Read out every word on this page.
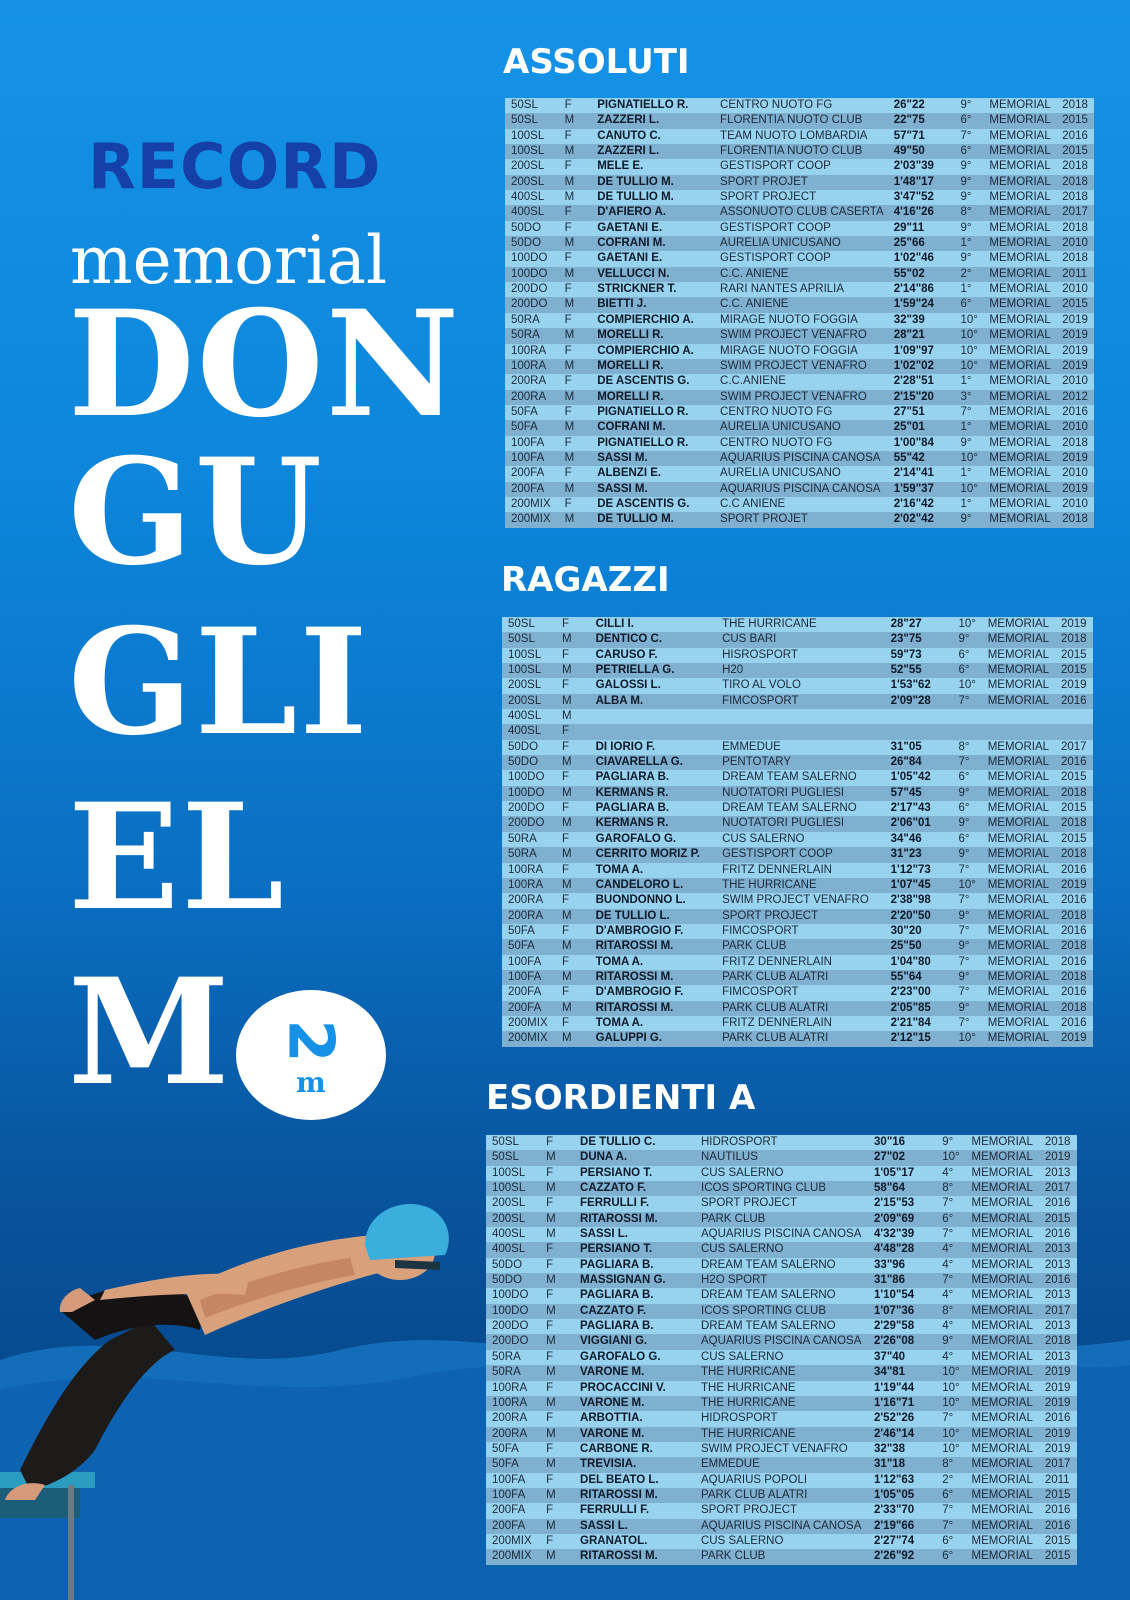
RECORD
memorial
DON
GU
GLI
EL
M 2
m
ASSOLUTI
RAGAZZI
ESORDIENTI A
50SL	F	PIGNATIELLO R.	CENTRO NUOTO FG	26"22	9°	MEMORIAL	2018
50SL	M	ZAZZERI L.	FLORENTIA NUOTO CLUB	22"75	6°	MEMORIAL	2015
100SL	F	CANUTO C.	TEAM NUOTO LOMBARDIA	57"71	7°	MEMORIAL	2016
100SL	M	ZAZZERI L.	FLORENTIA NUOTO CLUB	49"50	6°	MEMORIAL	2015
200SL	F	MELE E.	GESTISPORT COOP	2'03"39	9°	MEMORIAL	2018
200SL	M	DE TULLIO M.	SPORT PROJET	1'48"17	9°	MEMORIAL	2018
400SL	M	DE TULLIO M.	SPORT PROJECT	3'47"52	9°	MEMORIAL	2018
400SL	F	D'AFIERO A.	ASSONUOTO CLUB CASERTA	4'16"26	8°	MEMORIAL	2017
50DO	F	GAETANI E.	GESTISPORT COOP	29"11	9°	MEMORIAL	2018
50DO	M	COFRANI M.	AURELIA UNICUSANO	25"66	1°	MEMORIAL	2010
100DO	F	GAETANI E.	GESTISPORT COOP	1'02"46	9°	MEMORIAL	2018
100DO	M	VELLUCCI N.	C.C. ANIENE	55"02	2°	MEMORIAL	2011
200DO	F	STRICKNER T.	RARI NANTES APRILIA	2'14"86	1°	MEMORIAL	2010
200DO	M	BIETTI J.	C.C. ANIENE	1'59"24	6°	MEMORIAL	2015
50RA	F	COMPIERCHIO A.	MIRAGE NUOTO FOGGIA	32"39	10°	MEMORIAL	2019
50RA	M	MORELLI R.	SWIM PROJECT VENAFRO	28"21	10°	MEMORIAL	2019
100RA	F	COMPIERCHIO A.	MIRAGE NUOTO FOGGIA	1'09"97	10°	MEMORIAL	2019
100RA	M	MORELLI R.	SWIM PROJECT VENAFRO	1'02"02	10°	MEMORIAL	2019
200RA	F	DE ASCENTIS G.	C.C.ANIENE	2'28"51	1°	MEMORIAL	2010
200RA	M	MORELLI R.	SWIM PROJECT VENAFRO	2'15"20	3°	MEMORIAL	2012
50FA	F	PIGNATIELLO R.	CENTRO NUOTO FG	27"51	7°	MEMORIAL	2016
50FA	M	COFRANI M.	AURELIA UNICUSANO	25"01	1°	MEMORIAL	2010
100FA	F	PIGNATIELLO R.	CENTRO NUOTO FG	1'00"84	9°	MEMORIAL	2018
100FA	M	SASSI M.	AQUARIUS PISCINA CANOSA	55"42	10°	MEMORIAL	2019
200FA	F	ALBENZI E.	AURELIA UNICUSANO	2'14"41	1°	MEMORIAL	2010
200FA	M	SASSI M.	AQUARIUS PISCINA CANOSA	1'59"37	10°	MEMORIAL	2019
200MIX	F	DE ASCENTIS G.	C.C ANIENE	2'16"42	1°	MEMORIAL	2010
200MIX	M	DE TULLIO M.	SPORT PROJET	2'02"42	9°	MEMORIAL	2018
50SL	F	CILLI I.	THE HURRICANE	28"27	10°	MEMORIAL	2019
50SL	M	DENTICO C.	CUS BARI	23"75	9°	MEMORIAL	2018
100SL	F	CARUSO F.	HISROSPORT	59"73	6°	MEMORIAL	2015
100SL	M	PETRIELLA G.	H20	52"55	6°	MEMORIAL	2015
200SL	F	GALOSSI L.	TIRO AL VOLO	1'53"62	10°	MEMORIAL	2019
200SL	M	ALBA M.	FIMCOSPORT	2'09"28	7°	MEMORIAL	2016
400SL	M						
400SL	F						
50DO	F	DI IORIO F.	EMMEDUE	31"05	8°	MEMORIAL	2017
50DO	M	CIAVARELLA G.	PENTOTARY	26"84	7°	MEMORIAL	2016
100DO	F	PAGLIARA B.	DREAM TEAM SALERNO	1'05"42	6°	MEMORIAL	2015
100DO	M	KERMANS R.	NUOTATORI PUGLIESI	57"45	9°	MEMORIAL	2018
200DO	F	PAGLIARA B.	DREAM TEAM SALERNO	2'17"43	6°	MEMORIAL	2015
200DO	M	KERMANS R.	NUOTATORI PUGLIESI	2'06"01	9°	MEMORIAL	2018
50RA	F	GAROFALO G.	CUS SALERNO	34"46	6°	MEMORIAL	2015
50RA	M	CERRITO MORIZ P.	GESTISPORT COOP	31"23	9°	MEMORIAL	2018
100RA	F	TOMA A.	FRITZ DENNERLAIN	1'12"73	7°	MEMORIAL	2016
100RA	M	CANDELORO L.	THE HURRICANE	1'07"45	10°	MEMORIAL	2019
200RA	F	BUONDONNO L.	SWIM PROJECT VENAFRO	2'38"98	7°	MEMORIAL	2016
200RA	M	DE TULLIO L.	SPORT PROJECT	2'20"50	9°	MEMORIAL	2018
50FA	F	D'AMBROGIO F.	FIMCOSPORT	30"20	7°	MEMORIAL	2016
50FA	M	RITAROSSI M.	PARK CLUB	25"50	9°	MEMORIAL	2018
100FA	F	TOMA A.	FRITZ DENNERLAIN	1'04"80	7°	MEMORIAL	2016
100FA	M	RITAROSSI M.	PARK CLUB ALATRI	55"64	9°	MEMORIAL	2018
200FA	F	D'AMBROGIO F.	FIMCOSPORT	2'23"00	7°	MEMORIAL	2016
200FA	M	RITAROSSI M.	PARK CLUB ALATRI	2'05"85	9°	MEMORIAL	2018
200MIX	F	TOMA A.	FRITZ DENNERLAIN	2'21"84	7°	MEMORIAL	2016
200MIX	M	GALUPPI G.	PARK CLUB ALATRI	2'12"15	10°	MEMORIAL	2019
50SL	F	DE TULLIO C.	HIDROSPORT	30"16	9°	MEMORIAL	2018
50SL	M	DUNA A.	NAUTILUS	27"02	10°	MEMORIAL	2019
100SL	F	PERSIANO T.	CUS SALERNO	1'05"17	4°	MEMORIAL	2013
100SL	M	CAZZATO F.	ICOS SPORTING CLUB	58"64	8°	MEMORIAL	2017
200SL	F	FERRULLI F.	SPORT PROJECT	2'15"53	7°	MEMORIAL	2016
200SL	M	RITAROSSI M.	PARK CLUB	2'09"69	6°	MEMORIAL	2015
400SL	M	SASSI L.	AQUARIUS PISCINA CANOSA	4'32"39	7°	MEMORIAL	2016
400SL	F	PERSIANO T.	CUS SALERNO	4'48"28	4°	MEMORIAL	2013
50DO	F	PAGLIARA B.	DREAM TEAM SALERNO	33"96	4°	MEMORIAL	2013
50DO	M	MASSIGNAN G.	H2O SPORT	31"86	7°	MEMORIAL	2016
100DO	F	PAGLIARA B.	DREAM TEAM SALERNO	1'10"54	4°	MEMORIAL	2013
100DO	M	CAZZATO F.	ICOS SPORTING CLUB	1'07"36	8°	MEMORIAL	2017
200DO	F	PAGLIARA B.	DREAM TEAM SALERNO	2'29"58	4°	MEMORIAL	2013
200DO	M	VIGGIANI G.	AQUARIUS PISCINA CANOSA	2'26"08	9°	MEMORIAL	2018
50RA	F	GAROFALO G.	CUS SALERNO	37"40	4°	MEMORIAL	2013
50RA	M	VARONE M.	THE HURRICANE	34"81	10°	MEMORIAL	2019
100RA	F	PROCACCINI V.	THE HURRICANE	1'19"44	10°	MEMORIAL	2019
100RA	M	VARONE M.	THE HURRICANE	1'16"71	10°	MEMORIAL	2019
200RA	F	ARBOTTIA.	HIDROSPORT	2'52"26	7°	MEMORIAL	2016
200RA	M	VARONE M.	THE HURRICANE	2'46"14	10°	MEMORIAL	2019
50FA	F	CARBONE R.	SWIM PROJECT VENAFRO	32"38	10°	MEMORIAL	2019
50FA	M	TREVISIA.	EMMEDUE	31"18	8°	MEMORIAL	2017
100FA	F	DEL BEATO L.	AQUARIUS POPOLI	1'12"63	2°	MEMORIAL	2011
100FA	M	RITAROSSI M.	PARK CLUB ALATRI	1'05"05	6°	MEMORIAL	2015
200FA	F	FERRULLI F.	SPORT PROJECT	2'33"70	7°	MEMORIAL	2016
200FA	M	SASSI L.	AQUARIUS PISCINA CANOSA	2'19"66	7°	MEMORIAL	2016
200MIX	F	GRANATOL.	CUS SALERNO	2'27"74	6°	MEMORIAL	2015
200MIX	M	RITAROSSI M.	PARK CLUB	2'26"92	6°	MEMORIAL	2015
